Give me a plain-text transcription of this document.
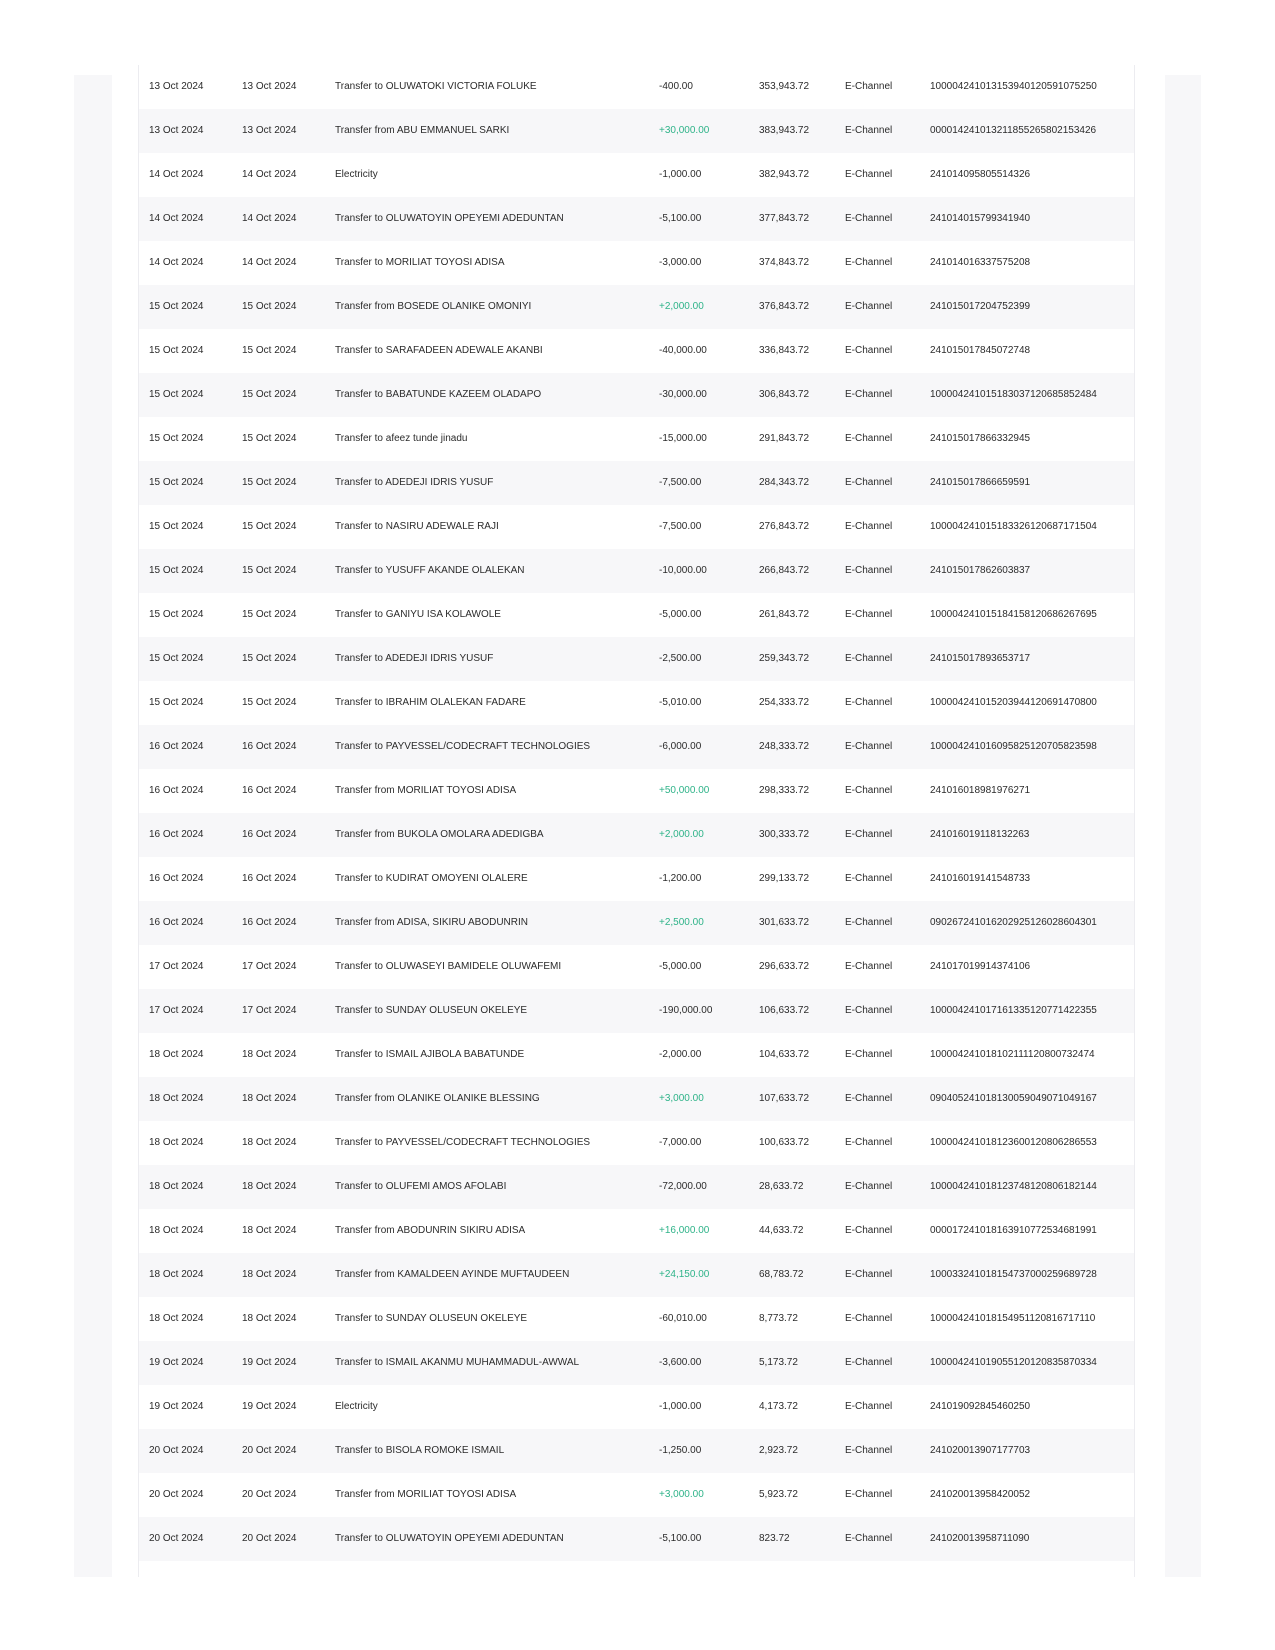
13 Oct 2024	13 Oct 2024	Transfer to OLUWATOKI VICTORIA FOLUKE	-400.00	353,943.72	E-Channel	100004241013153940120591075250
13 Oct 2024	13 Oct 2024	Transfer from ABU EMMANUEL SARKI	+30,000.00	383,943.72	E-Channel	000014241013211855265802153426
14 Oct 2024	14 Oct 2024	Electricity	-1,000.00	382,943.72	E-Channel	241014095805514326
14 Oct 2024	14 Oct 2024	Transfer to OLUWATOYIN OPEYEMI ADEDUNTAN	-5,100.00	377,843.72	E-Channel	241014015799341940
14 Oct 2024	14 Oct 2024	Transfer to MORILIAT TOYOSI ADISA	-3,000.00	374,843.72	E-Channel	241014016337575208
15 Oct 2024	15 Oct 2024	Transfer from BOSEDE OLANIKE OMONIYI	+2,000.00	376,843.72	E-Channel	241015017204752399
15 Oct 2024	15 Oct 2024	Transfer to SARAFADEEN ADEWALE AKANBI	-40,000.00	336,843.72	E-Channel	241015017845072748
15 Oct 2024	15 Oct 2024	Transfer to BABATUNDE KAZEEM OLADAPO	-30,000.00	306,843.72	E-Channel	100004241015183037120685852484
15 Oct 2024	15 Oct 2024	Transfer to afeez tunde jinadu	-15,000.00	291,843.72	E-Channel	241015017866332945
15 Oct 2024	15 Oct 2024	Transfer to ADEDEJI IDRIS YUSUF	-7,500.00	284,343.72	E-Channel	241015017866659591
15 Oct 2024	15 Oct 2024	Transfer to NASIRU ADEWALE RAJI	-7,500.00	276,843.72	E-Channel	100004241015183326120687171504
15 Oct 2024	15 Oct 2024	Transfer to YUSUFF AKANDE OLALEKAN	-10,000.00	266,843.72	E-Channel	241015017862603837
15 Oct 2024	15 Oct 2024	Transfer to GANIYU ISA KOLAWOLE	-5,000.00	261,843.72	E-Channel	100004241015184158120686267695
15 Oct 2024	15 Oct 2024	Transfer to ADEDEJI IDRIS YUSUF	-2,500.00	259,343.72	E-Channel	241015017893653717
15 Oct 2024	15 Oct 2024	Transfer to IBRAHIM OLALEKAN FADARE	-5,010.00	254,333.72	E-Channel	100004241015203944120691470800
16 Oct 2024	16 Oct 2024	Transfer to PAYVESSEL/CODECRAFT TECHNOLOGIES	-6,000.00	248,333.72	E-Channel	100004241016095825120705823598
16 Oct 2024	16 Oct 2024	Transfer from MORILIAT TOYOSI ADISA	+50,000.00	298,333.72	E-Channel	241016018981976271
16 Oct 2024	16 Oct 2024	Transfer from BUKOLA OMOLARA ADEDIGBA	+2,000.00	300,333.72	E-Channel	241016019118132263
16 Oct 2024	16 Oct 2024	Transfer to KUDIRAT OMOYENI OLALERE	-1,200.00	299,133.72	E-Channel	241016019141548733
16 Oct 2024	16 Oct 2024	Transfer from ADISA, SIKIRU ABODUNRIN	+2,500.00	301,633.72	E-Channel	090267241016202925126028604301
17 Oct 2024	17 Oct 2024	Transfer to OLUWASEYI BAMIDELE OLUWAFEMI	-5,000.00	296,633.72	E-Channel	241017019914374106
17 Oct 2024	17 Oct 2024	Transfer to SUNDAY OLUSEUN OKELEYE	-190,000.00	106,633.72	E-Channel	100004241017161335120771422355
18 Oct 2024	18 Oct 2024	Transfer to ISMAIL AJIBOLA BABATUNDE	-2,000.00	104,633.72	E-Channel	100004241018102111120800732474
18 Oct 2024	18 Oct 2024	Transfer from OLANIKE OLANIKE BLESSING	+3,000.00	107,633.72	E-Channel	090405241018130059049071049167
18 Oct 2024	18 Oct 2024	Transfer to PAYVESSEL/CODECRAFT TECHNOLOGIES	-7,000.00	100,633.72	E-Channel	100004241018123600120806286553
18 Oct 2024	18 Oct 2024	Transfer to OLUFEMI AMOS AFOLABI	-72,000.00	28,633.72	E-Channel	100004241018123748120806182144
18 Oct 2024	18 Oct 2024	Transfer from ABODUNRIN SIKIRU ADISA	+16,000.00	44,633.72	E-Channel	000017241018163910772534681991
18 Oct 2024	18 Oct 2024	Transfer from KAMALDEEN AYINDE MUFTAUDEEN	+24,150.00	68,783.72	E-Channel	100033241018154737000259689728
18 Oct 2024	18 Oct 2024	Transfer to SUNDAY OLUSEUN OKELEYE	-60,010.00	8,773.72	E-Channel	100004241018154951120816717110
19 Oct 2024	19 Oct 2024	Transfer to ISMAIL AKANMU MUHAMMADUL-AWWAL	-3,600.00	5,173.72	E-Channel	100004241019055120120835870334
19 Oct 2024	19 Oct 2024	Electricity	-1,000.00	4,173.72	E-Channel	241019092845460250
20 Oct 2024	20 Oct 2024	Transfer to BISOLA ROMOKE ISMAIL	-1,250.00	2,923.72	E-Channel	241020013907177703
20 Oct 2024	20 Oct 2024	Transfer from MORILIAT TOYOSI ADISA	+3,000.00	5,923.72	E-Channel	241020013958420052
20 Oct 2024	20 Oct 2024	Transfer to OLUWATOYIN OPEYEMI ADEDUNTAN	-5,100.00	823.72	E-Channel	241020013958711090
